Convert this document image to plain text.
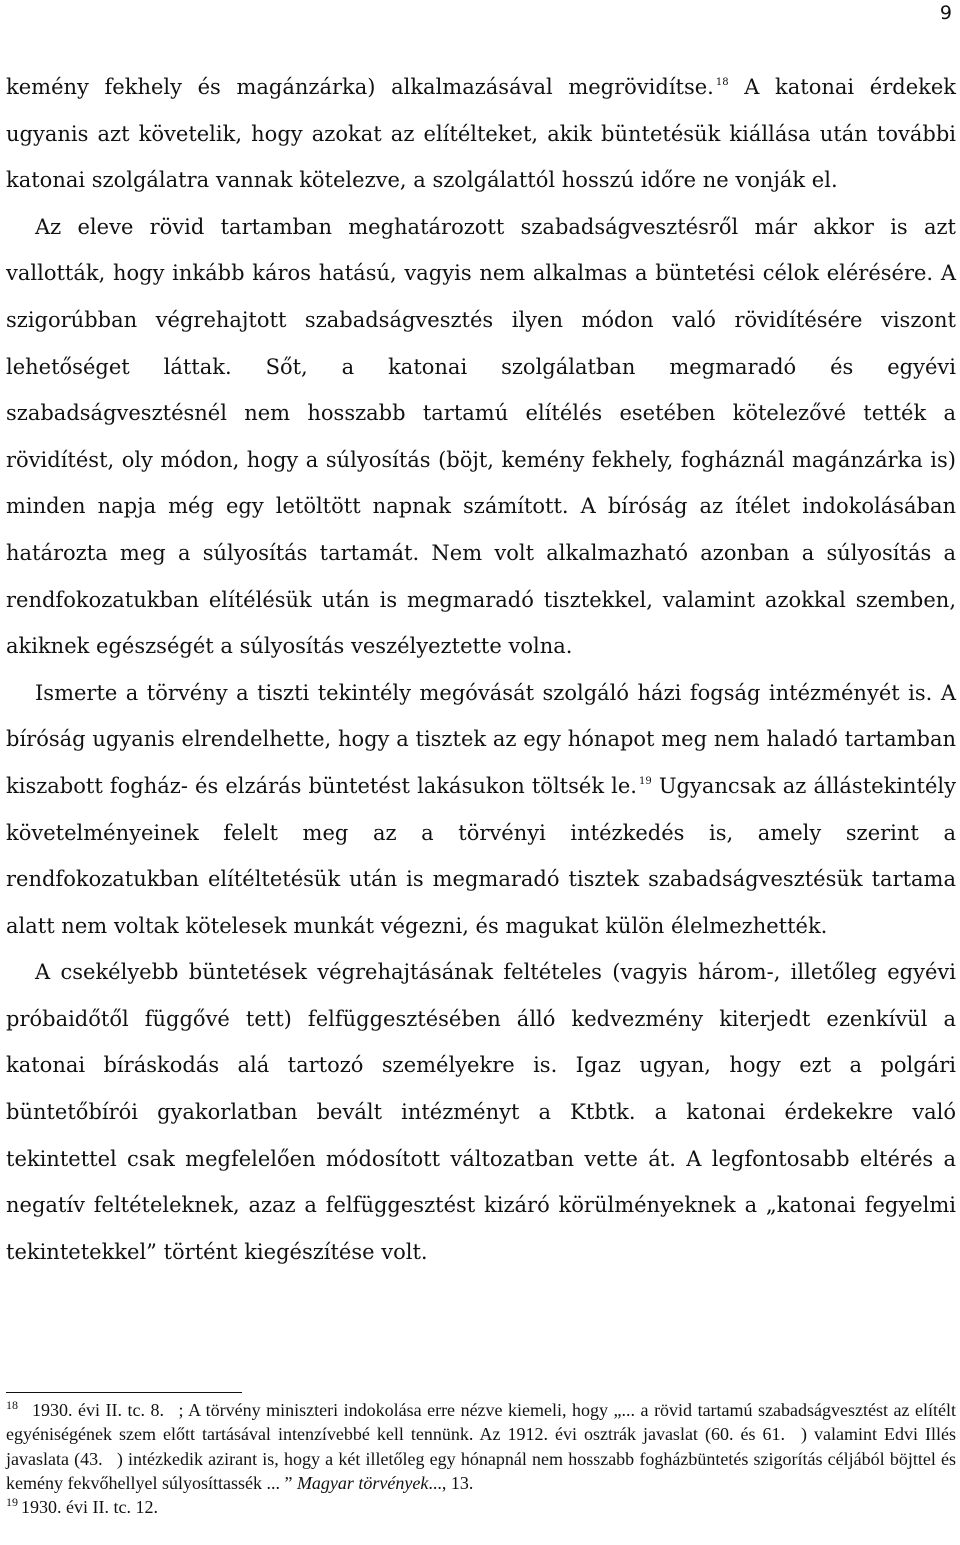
9

kemény fekhely és magánzárka) alkalmazásával megrövidítse. $^{18}$ A katonai érdekek ugyanis azt követelik, hogy azokat az elítélteket, akik büntetésük kiállása után további katonai szolgálatra vannak kötelezve, a szolgálattól hosszú időre ne vonják el.

Az eleve rövid tartamban meghatározott szabadságvesztésről már akkor is azt vallották, hogy inkább káros hatású, vagyis nem alkalmas a büntetési célok elérésére. A szigorúbban végrehajtott szabadságvesztés ilyen módon való rövidítésére viszont lehetőséget láttak. Sőt, a katonai szolgálatban megmaradó és egyévi szabadságvesztésnél nem hosszabb tartamú elítélés esetében kötelezővé tették a rövidítést, oly módon, hogy a súlyosítás (böjt, kemény fekhely, fogháznál magánzárka is) minden napja még egy letöltött napnak számított. A bíróság az ítélet indokolásában határozta meg a súlyosítás tartamát. Nem volt alkalmazható azonban a súlyosítás a rendfokozatukban elítélésük után is megmaradó tisztekkel, valamint azokkal szemben, akiknek egészségét a súlyosítás veszélyeztette volna.

Ismerte a törvény a tiszti tekintély megóvását szolgáló házi fogság intézményét is. A bíróság ugyanis elrendelhette, hogy a tisztek az egy hónapot meg nem haladó tartamban kiszabott fogház- és elzárás büntetést lakásukon töltsék le. $^{19}$ Ugyancsak az állástekintély követelményeinek felelt meg az a törvényi intézkedés is, amely szerint a rendfokozatukban elítéltetésük után is megmaradó tisztek szabadságvesztésük tartama alatt nem voltak kötelesek munkát végezni, és magukat külön élelmezhették.

A csekélyebb büntetések végrehajtásának feltételes (vagyis három-, illetőleg egyévi próbaidőtől függővé tett) felfüggesztésében álló kedvezmény kiterjedt ezenkívül a katonai bíráskodás alá tartozó személyekre is. Igaz ugyan, hogy ezt a polgári büntetőbírói gyakorlatban bevált intézményt a Ktbtk. a katonai érdekekre való tekintettel csak megfelelően módosított változatban vette át. A legfontosabb eltérés a negatív feltételeknek, azaz a felfüggesztést kizáró körülményeknek a „katonai fegyelmi tekintetekkel” történt kiegészítése volt.

$^{18}$ 1930. évi II. tc. 8. ; A törvény miniszteri indokolása erre nézve kiemeli, hogy „... a rövid tartamú szabadságvesztést az elítélt egyéniségének szem előtt tartásával intenzívebbé kell tennünk. Az 1912. évi osztrák javaslat (60. és 61. ) valamint Edvi Illés javaslata (43. ) intézkedik azirant is, hogy a két illetőleg egy hónapnál nem hosszabb fogházbüntetés szigorítás céljából böjttel és kemény fekvőhellyel súlyosíttassék ... ” Magyar törvények..., 13.

$^{19}$ 1930. évi II. tc. 12.
